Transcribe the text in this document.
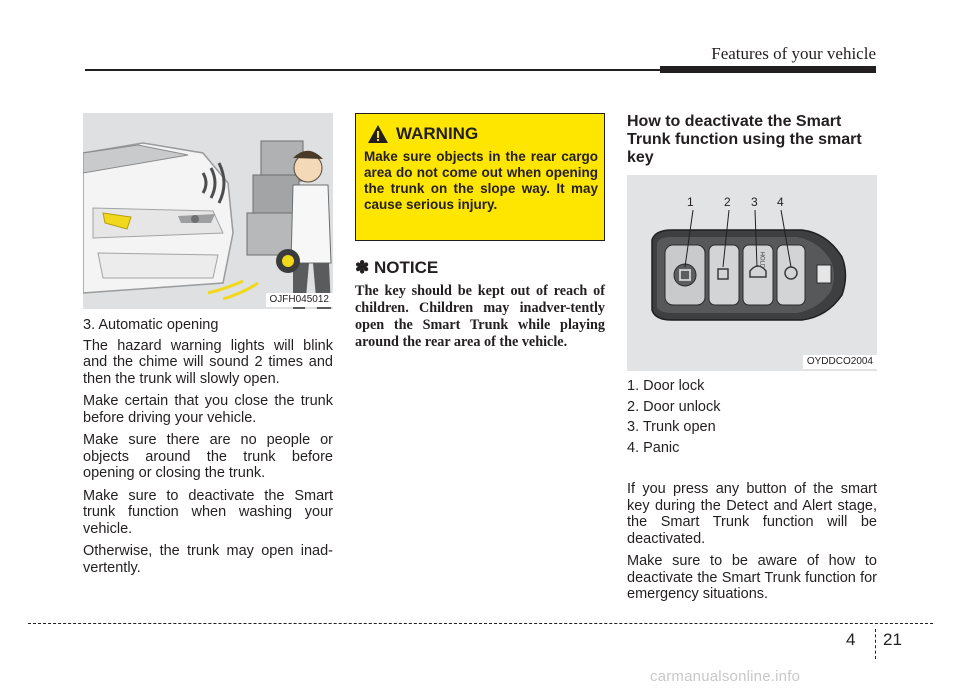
Features of your vehicle
OJFH045012

3. Automatic opening

The hazard warning lights will blink and the chime will sound 2 times and then the trunk will slowly open.

Make certain that you close the trunk before driving your vehicle.

Make sure there are no people or objects around the trunk before opening or closing the trunk.

Make sure to deactivate the Smart trunk function when washing your vehicle.

Otherwise, the trunk may open inad-vertently.

WARNING

Make sure objects in the rear cargo area do not come out when opening the trunk on the slope way. It may cause serious injury.

✽ NOTICE

The key should be kept out of reach of children. Children may inadver-tently open the Smart Trunk while playing around the rear area of the vehicle.

How to deactivate the Smart Trunk function using the smart key
1	2 3 4
HOLD
OYDDCO2004
1. Door lock
2. Door unlock
3. Trunk open
4. Panic

If you press any button of the smart key during the Detect and Alert stage, the Smart Trunk function will be deactivated.

Make sure to be aware of how to deactivate the Smart Trunk function for emergency situations.

4 21
carmanualsonline.info
